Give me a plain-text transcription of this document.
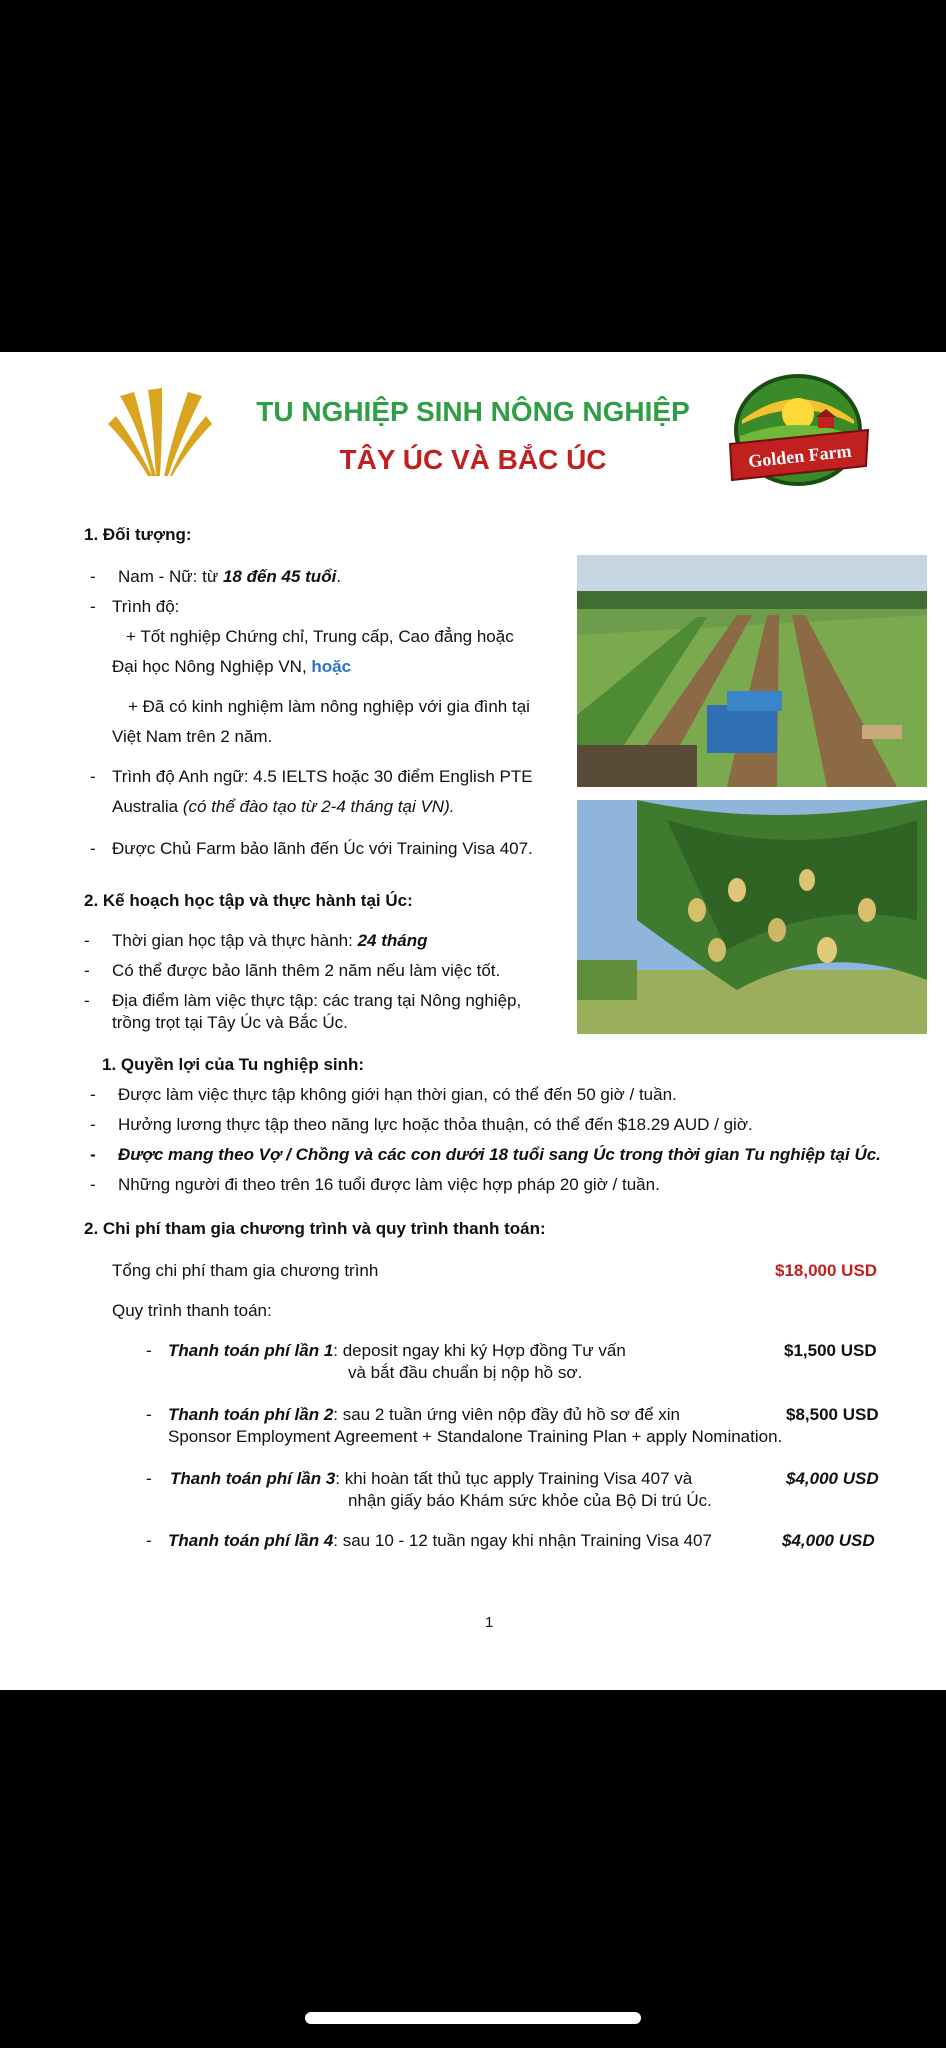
TU NGHIỆP SINH NÔNG NGHIỆP
TÂY ÚC VÀ BẮC ÚC	Golden Farm
1. Đối tượng:
- Nam - Nữ: từ 18 đến 45 tuổi.
- Trình độ:
+ Tốt nghiệp Chứng chỉ, Trung cấp, Cao đẳng hoặc
Đại học Nông Nghiệp VN, hoặc
+ Đã có kinh nghiệm làm nông nghiệp với gia đình tại
Việt Nam trên 2 năm.
- Trình độ Anh ngữ: 4.5 IELTS hoặc 30 điểm English PTE
Australia (có thể đào tạo từ 2-4 tháng tại VN).
- Được Chủ Farm bảo lãnh đến Úc với Training Visa 407.
2. Kế hoạch học tập và thực hành tại Úc:
- Thời gian học tập và thực hành: 24 tháng
- Có thể được bảo lãnh thêm 2 năm nếu làm việc tốt.
- Địa điểm làm việc thực tập: các trang tại Nông nghiệp,
trồng trọt tại Tây Úc và Bắc Úc.
1. Quyền lợi của Tu nghiệp sinh:
- Được làm việc thực tập không giới hạn thời gian, có thể đến 50 giờ / tuần.
- Hưởng lương thực tập theo năng lực hoặc thỏa thuận, có thể đến $18.29 AUD / giờ.
- Được mang theo Vợ / Chồng và các con dưới 18 tuổi sang Úc trong thời gian Tu nghiệp tại Úc.
- Những người đi theo trên 16 tuổi được làm việc hợp pháp 20 giờ / tuần.
2. Chi phí tham gia chương trình và quy trình thanh toán:
Tổng chi phí tham gia chương trình	$18,000 USD
Quy trình thanh toán:
- Thanh toán phí lần 1: deposit ngay khi ký Hợp đồng Tư vấn
và bắt đầu chuẩn bị nộp hồ sơ.
$1,500 USD
- Thanh toán phí lần 2: sau 2 tuần ứng viên nộp đầy đủ hồ sơ để xin
Sponsor Employment Agreement + Standalone Training Plan + apply Nomination.
$8,500 USD
- Thanh toán phí lần 3: khi hoàn tất thủ tục apply Training Visa 407 và
nhận giấy báo Khám sức khỏe của Bộ Di trú Úc.
$4,000 USD
- Thanh toán phí lần 4: sau 10 - 12 tuần ngay khi nhận Training Visa 407	$4,000 USD
1
